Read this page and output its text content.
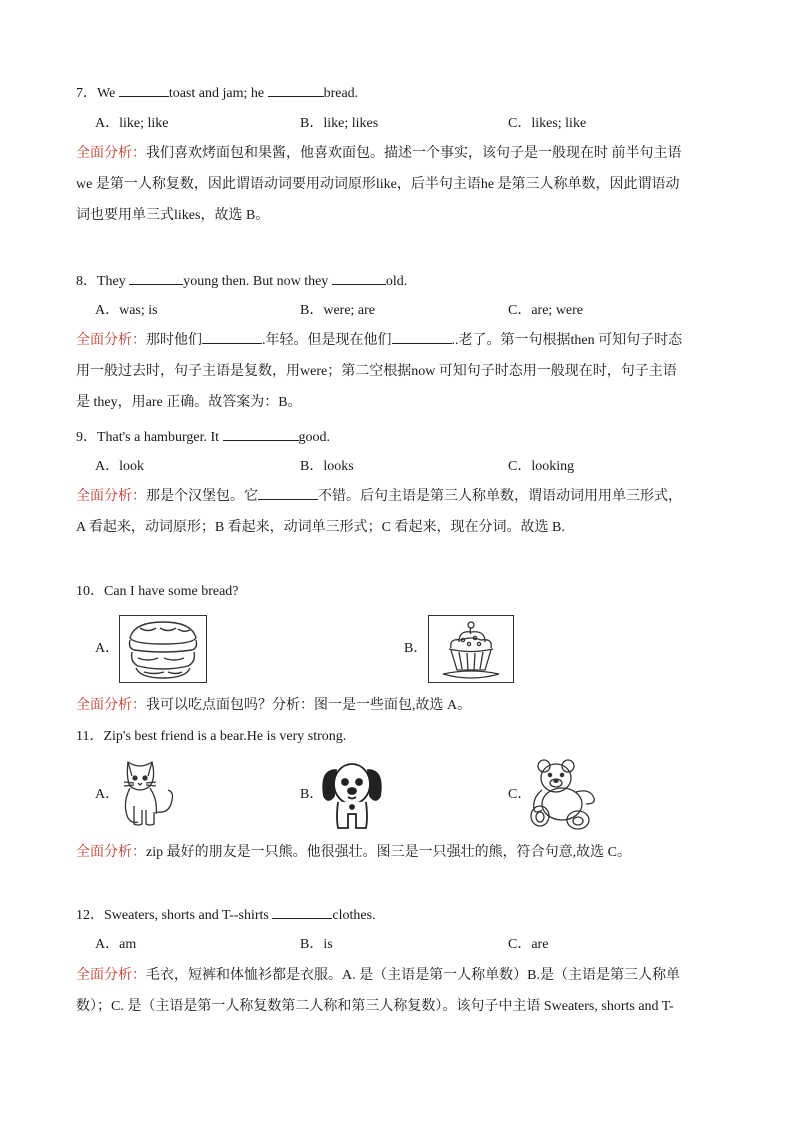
7．We	toast and jam; he	bread.
A．like; like	B．like; likes	C．likes; like
全面分析：我们喜欢烤面包和果酱，他喜欢面包。描述一个事实，该句子是一般现在时 前半句主语
we 是第一人称复数，因此谓语动词要用动词原形like，后半句主语he 是第三人称单数，因此谓语动
词也要用单三式likes，故选 B。
8．They	young then. But now they	old.
A．was; is	B．were; are	C．are; were
全面分析：那时他们	.年轻。但是现在他们	..老了。第一句根据then 可知句子时态
用一般过去时，句子主语是复数，用were；第二空根据now 可知句子时态用一般现在时，句子主语
是 they，用are 正确。故答案为：B。
9．That's a hamburger. It	good.
A．look	B．looks	C．looking
全面分析：那是个汉堡包。它	不错。后句主语是第三人称单数，谓语动词用用单三形式，
A 看起来，动词原形；B 看起来，动词单三形式；C 看起来，现在分词。故选 B.
10．Can I have some bread?
A．	B．
全面分析：我可以吃点面包吗？分析：图一是一些面包,故选 A。
11．Zip's best friend is a bear.He is very strong.
A．	B．	C．
全面分析：zip 最好的朋友是一只熊。他很强壮。图三是一只强壮的熊，符合句意,故选 C。
12．Sweaters, shorts and T--shirts	clothes.
A．am	B．is	C．are
全面分析：毛衣，短裤和体恤衫都是衣服。A. 是（主语是第一人称单数）B.是（主语是第三人称单
数）；C. 是（主语是第一人称复数第二人称和第三人称复数）。该句子中主语 Sweaters, shorts and T-
